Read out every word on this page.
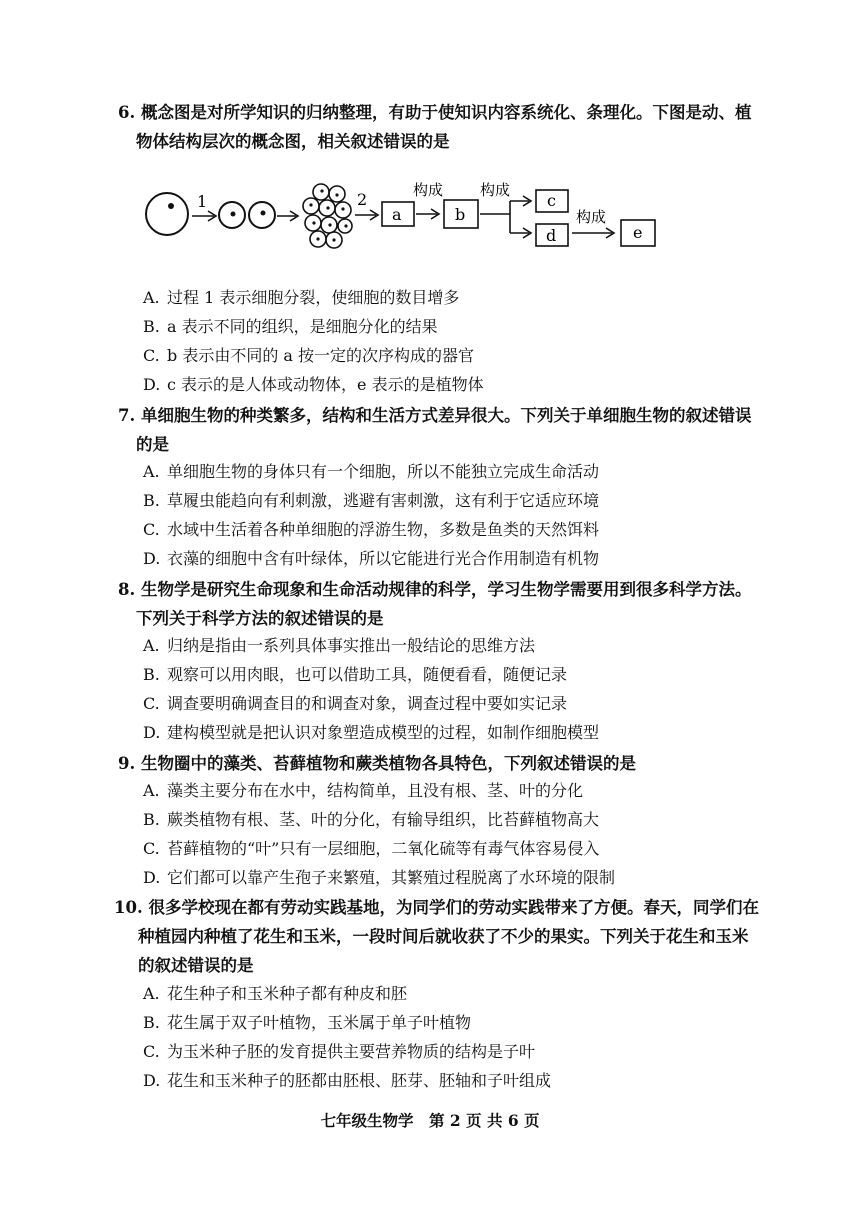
6. 概念图是对所学知识的归纳整理，有助于使知识内容系统化、条理化。下图是动、植
物体结构层次的概念图，相关叙述错误的是
1	2
a
构成
b
构成
c
d
构成
e
A. 过程 1 表示细胞分裂，使细胞的数目增多
B. a 表示不同的组织，是细胞分化的结果
C. b 表示由不同的 a 按一定的次序构成的器官
D. c 表示的是人体或动物体，e 表示的是植物体
7. 单细胞生物的种类繁多，结构和生活方式差异很大。下列关于单细胞生物的叙述错误
的是
A. 单细胞生物的身体只有一个细胞，所以不能独立完成生命活动
B. 草履虫能趋向有利刺激，逃避有害刺激，这有利于它适应环境
C. 水域中生活着各种单细胞的浮游生物，多数是鱼类的天然饵料
D. 衣藻的细胞中含有叶绿体，所以它能进行光合作用制造有机物
8. 生物学是研究生命现象和生命活动规律的科学，学习生物学需要用到很多科学方法。
下列关于科学方法的叙述错误的是
A. 归纳是指由一系列具体事实推出一般结论的思维方法
B. 观察可以用肉眼，也可以借助工具，随便看看，随便记录
C. 调查要明确调查目的和调查对象，调查过程中要如实记录
D. 建构模型就是把认识对象塑造成模型的过程，如制作细胞模型
9. 生物圈中的藻类、苔藓植物和蕨类植物各具特色，下列叙述错误的是
A. 藻类主要分布在水中，结构简单，且没有根、茎、叶的分化
B. 蕨类植物有根、茎、叶的分化，有输导组织，比苔藓植物高大
C. 苔藓植物的“叶”只有一层细胞，二氧化硫等有毒气体容易侵入
D. 它们都可以靠产生孢子来繁殖，其繁殖过程脱离了水环境的限制
10. 很多学校现在都有劳动实践基地，为同学们的劳动实践带来了方便。春天，同学们在
种植园内种植了花生和玉米，一段时间后就收获了不少的果实。下列关于花生和玉米
的叙述错误的是
A. 花生种子和玉米种子都有种皮和胚
B. 花生属于双子叶植物，玉米属于单子叶植物
C. 为玉米种子胚的发育提供主要营养物质的结构是子叶
D. 花生和玉米种子的胚都由胚根、胚芽、胚轴和子叶组成
七年级生物学　第 2 页 共 6 页
